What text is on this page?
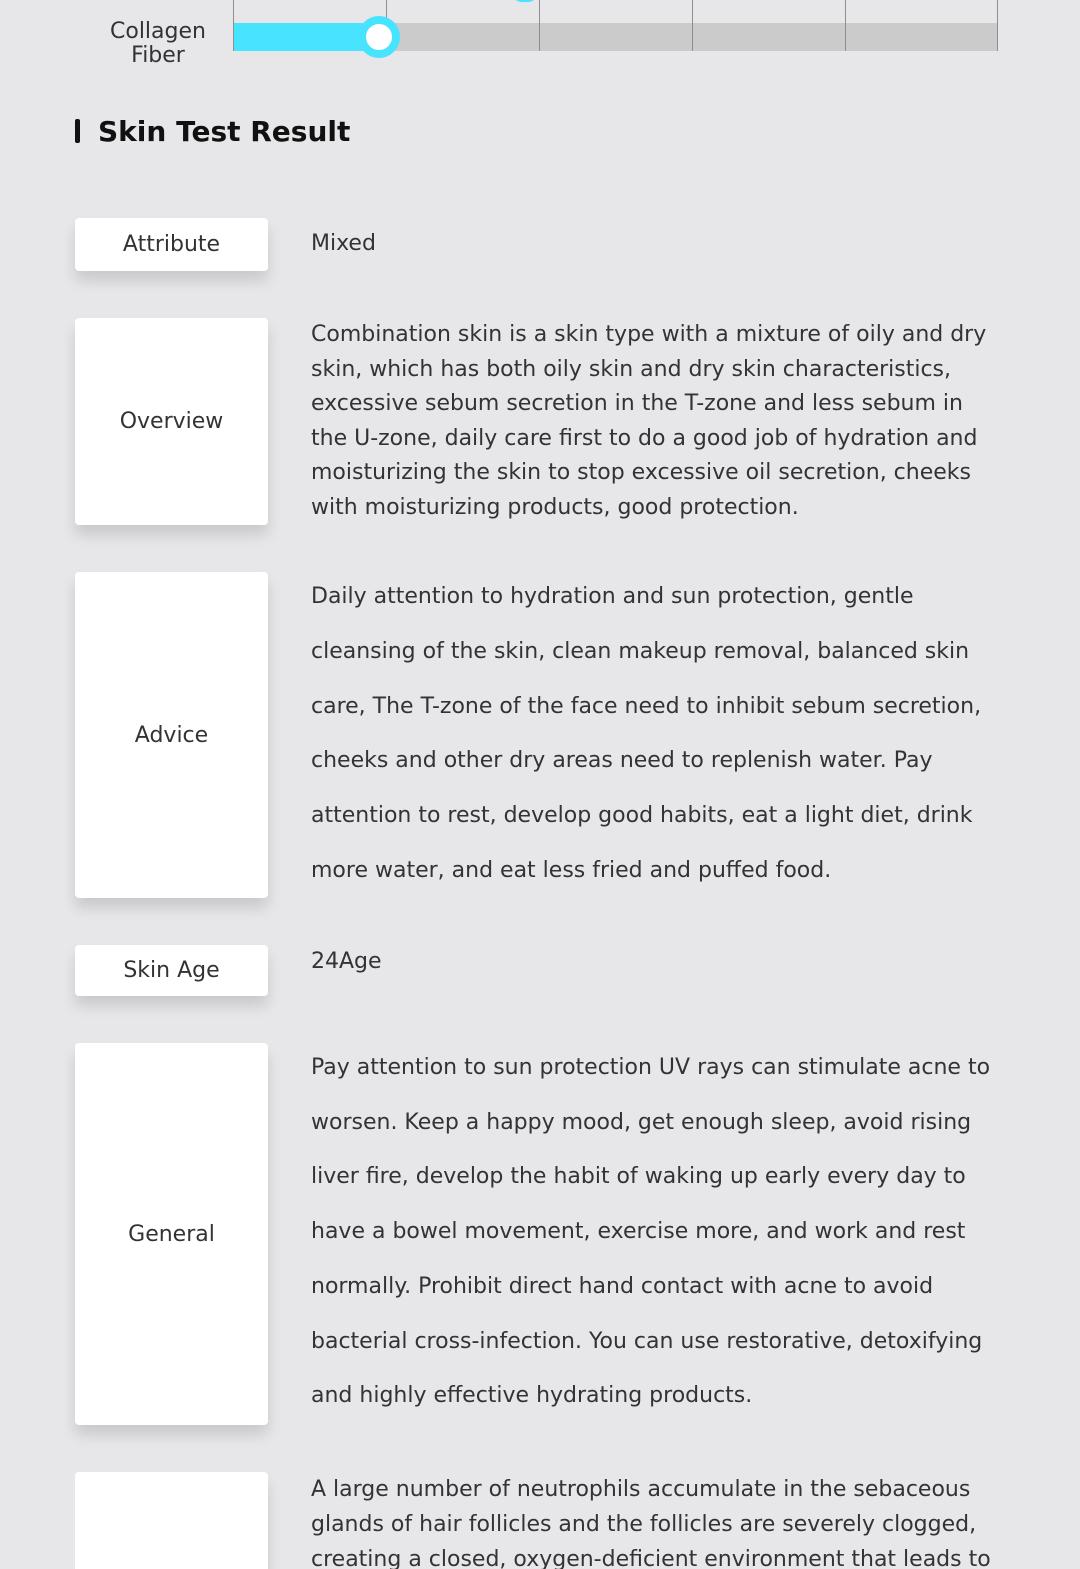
Collagen
Fiber
Skin Test Result
Attribute	Mixed
Overview
Combination skin is a skin type with a mixture of oily and dry skin, which has both oily skin and dry skin characteristics, excessive sebum secretion in the T-zone and less sebum in the U-zone, daily care first to do a good job of hydration and moisturizing the skin to stop excessive oil secretion, cheeks with moisturizing products, good protection.
Advice
Daily attention to hydration and sun protection, gentle cleansing of the skin, clean makeup removal, balanced skin care, The T-zone of the face need to inhibit sebum secretion, cheeks and other dry areas need to replenish water. Pay attention to rest, develop good habits, eat a light diet, drink more water, and eat less fried and puffed food.
Skin Age	24Age
General
Pay attention to sun protection UV rays can stimulate acne to worsen. Keep a happy mood, get enough sleep, avoid rising liver fire, develop the habit of waking up early every day to have a bowel movement, exercise more, and work and rest normally. Prohibit direct hand contact with acne to avoid bacterial cross-infection. You can use restorative, detoxifying and highly effective hydrating products.
A large number of neutrophils accumulate in the sebaceous glands of hair follicles and the follicles are severely clogged, creating a closed, oxygen-deficient environment that leads to
